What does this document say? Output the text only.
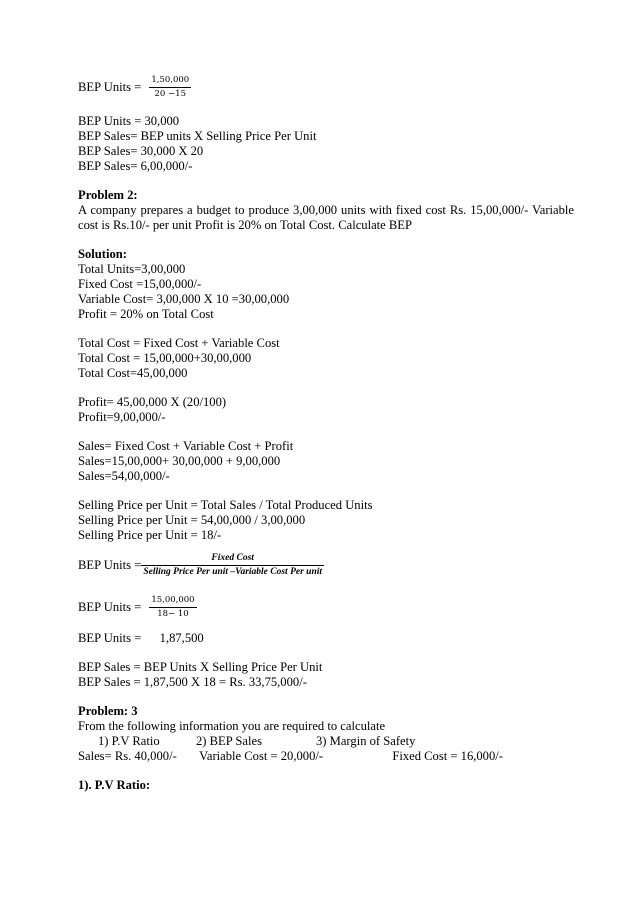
BEP Units = $\frac{1,50,000}{20 -15}$
BEP Units = 30,000
BEP Sales= BEP units X Selling Price Per Unit
BEP Sales= 30,000 X 20
BEP Sales= 6,00,000/-
Problem 2:
A company prepares a budget to produce 3,00,000 units with fixed cost Rs. 15,00,000/- Variable cost is Rs.10/- per unit Profit is 20% on Total Cost. Calculate BEP
Solution:
Total Units=3,00,000
Fixed Cost =15,00,000/-
Variable Cost= 3,00,000 X 10 =30,00,000
Profit = 20% on Total Cost
Total Cost = Fixed Cost + Variable Cost
Total Cost = 15,00,000+30,00,000
Total Cost=45,00,000
Profit= 45,00,000 X (20/100)
Profit=9,00,000/-
Sales= Fixed Cost + Variable Cost + Profit
Sales=15,00,000+ 30,00,000 + 9,00,000
Sales=54,00,000/-
Selling Price per Unit = Total Sales / Total Produced Units
Selling Price per Unit = 54,00,000 / 3,00,000
Selling Price per Unit = 18/-
BEP Units = $\frac{\text{Fixed Cost}}{\text{Selling Price Per unit –Variable Cost Per unit}}$
BEP Units = $\frac{15,00,000}{18- 10}$
BEP Units = 1,87,500
BEP Sales = BEP Units X Selling Price Per Unit
BEP Sales = 1,87,500 X 18 = Rs. 33,75,000/-
Problem: 3
From the following information you are required to calculate
1) P.V Ratio	2) BEP Sales	3) Margin of Safety
Sales= Rs. 40,000/- Variable Cost = 20,000/-	Fixed Cost = 16,000/-
1). P.V Ratio:
